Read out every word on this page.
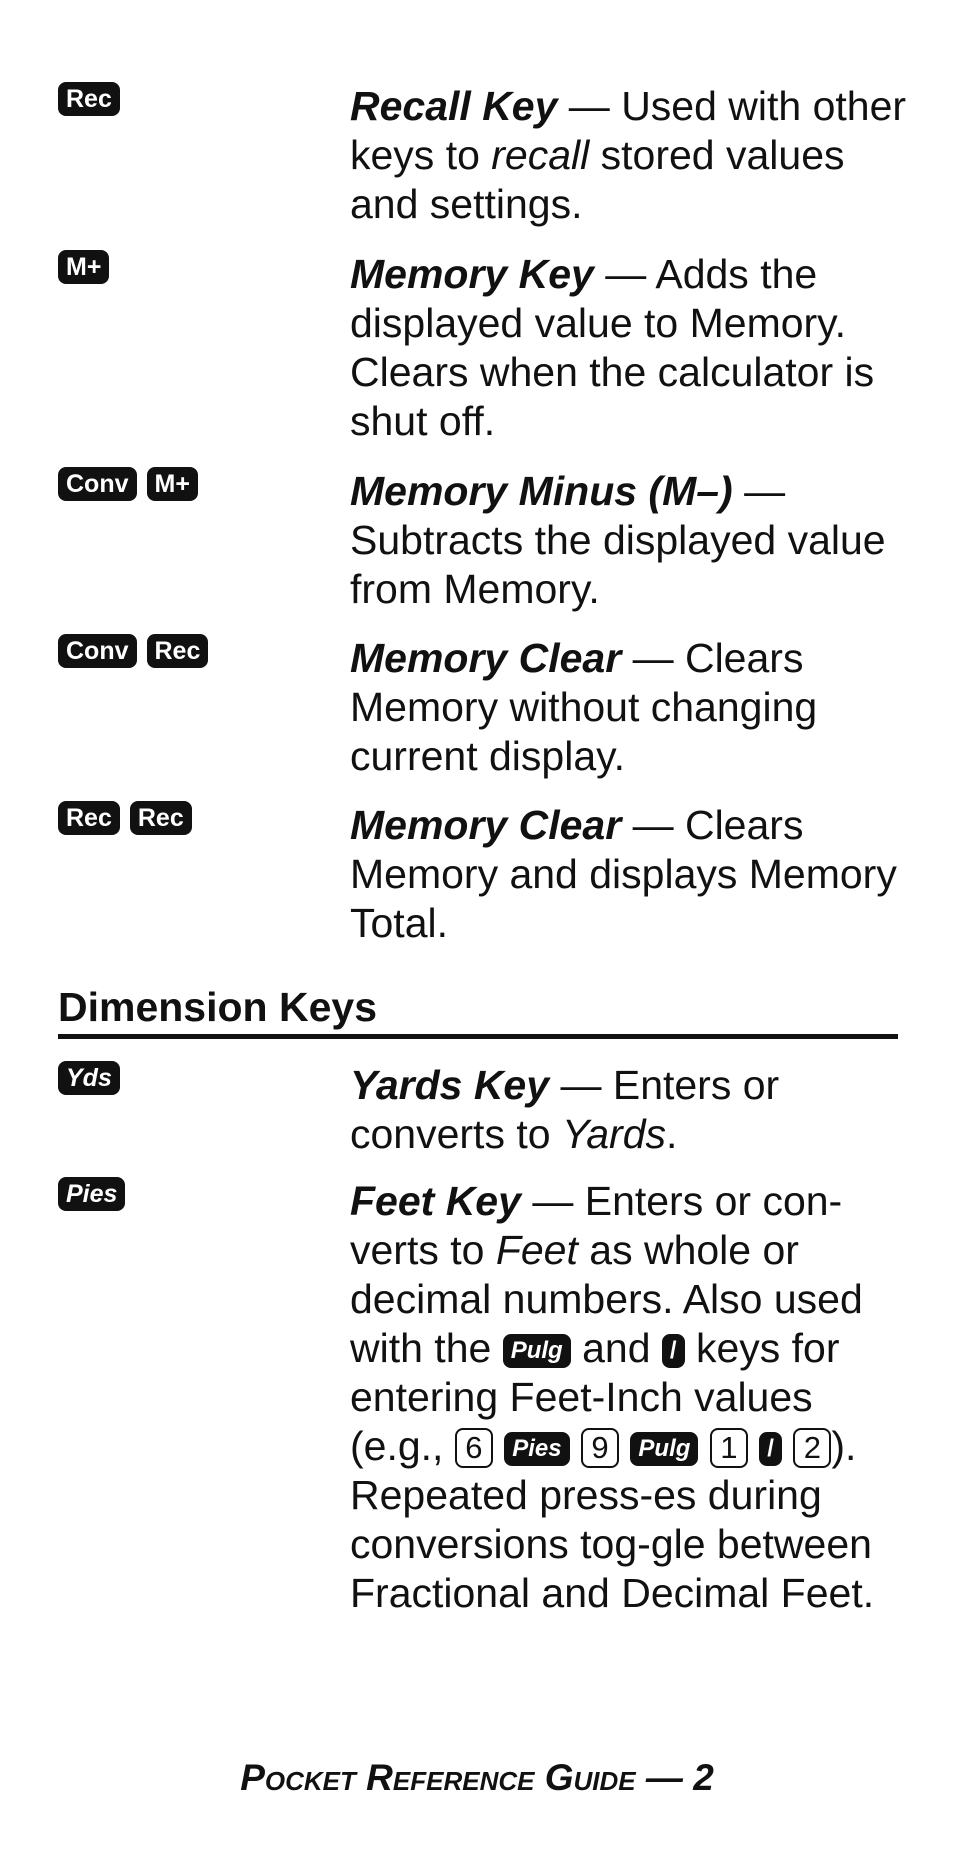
Rec	Recall Key — Used with other keys to recall stored values and settings.
M+	Memory Key — Adds the displayed value to Memory. Clears when the calculator is shut off.
Conv M+	Memory Minus (M–) — Subtracts the displayed value from Memory.
Conv Rec	Memory Clear — Clears Memory without changing current display.
Rec Rec	Memory Clear — Clears Memory and displays Memory Total.
Dimension Keys
Yds	Yards Key — Enters or converts to Yards.
Pies	Feet Key — Enters or con-verts to Feet as whole or decimal numbers. Also used with the Pulg and / keys for entering Feet-Inch values (e.g., 6 Pies 9 Pulg 1 / 2 ). Repeated press-es during conversions tog-gle between Fractional and Decimal Feet.
Pocket Reference Guide — 2
